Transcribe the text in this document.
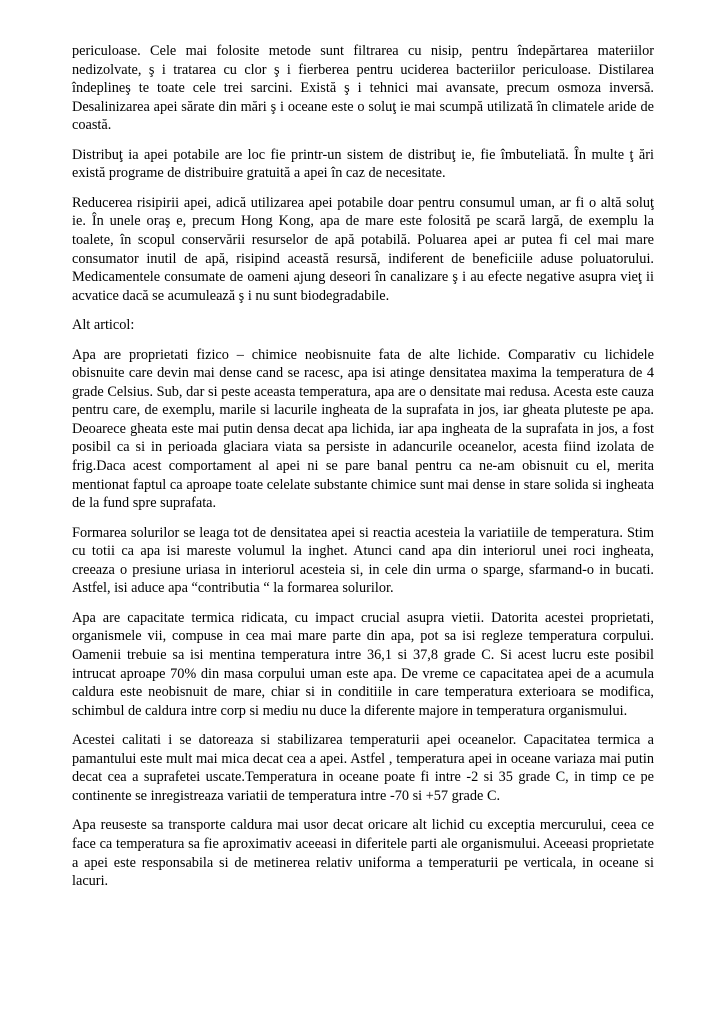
periculoase. Cele mai folosite metode sunt filtrarea cu nisip, pentru îndepărtarea materiilor nedizolvate, ş i tratarea cu clor ş i fierberea pentru uciderea bacteriilor periculoase. Distilarea îndeplineş te toate cele trei sarcini. Există ş i tehnici mai avansate, precum osmoza inversă. Desalinizarea apei sărate din mări ş i oceane este o soluţ ie mai scumpă utilizată în climatele aride de coastă.

Distribuţ ia apei potabile are loc fie printr-un sistem de distribuţ ie, fie îmbuteliată. În multe ţ ări există programe de distribuire gratuită a apei în caz de necesitate.

Reducerea risipirii apei, adică utilizarea apei potabile doar pentru consumul uman, ar fi o altă soluţ ie. În unele oraş e, precum Hong Kong, apa de mare este folosită pe scară largă, de exemplu la toalete, în scopul conservării resurselor de apă potabilă. Poluarea apei ar putea fi cel mai mare consumator inutil de apă, risipind această resursă, indiferent de beneficiile aduse poluatorului. Medicamentele consumate de oameni ajung deseori în canalizare ş i au efecte negative asupra vieţ ii acvatice dacă se acumulează ş i nu sunt biodegradabile.

Alt articol:

Apa are proprietati fizico – chimice neobisnuite fata de alte lichide. Comparativ cu lichidele obisnuite care devin mai dense cand se racesc, apa isi atinge densitatea maxima la temperatura de 4 grade Celsius. Sub, dar si peste aceasta temperatura, apa are o densitate mai redusa. Acesta este cauza pentru care, de exemplu, marile si lacurile ingheata de la suprafata in jos, iar gheata pluteste pe apa. Deoarece gheata este mai putin densa decat apa lichida, iar apa ingheata de la suprafata in jos, a fost posibil ca si in perioada glaciara viata sa persiste in adancurile oceanelor, acesta fiind izolata de frig.Daca acest comportament al apei ni se pare banal pentru ca ne-am obisnuit cu el, merita mentionat faptul ca aproape toate celelate substante chimice sunt mai dense in stare solida si ingheata de la fund spre suprafata.

Formarea solurilor se leaga tot de densitatea apei si reactia acesteia la variatiile de temperatura. Stim cu totii ca apa isi mareste volumul la inghet. Atunci cand apa din interiorul unei roci ingheata, creeaza o presiune uriasa in interiorul acesteia si, in cele din urma o sparge, sfarmand-o in bucati. Astfel, isi aduce apa “contributia “ la formarea solurilor.

Apa are capacitate termica ridicata, cu impact crucial asupra vietii. Datorita acestei proprietati, organismele vii, compuse in cea mai mare parte din apa, pot sa isi regleze temperatura corpului. Oamenii trebuie sa isi mentina temperatura intre 36,1 si 37,8 grade C. Si acest lucru este posibil intrucat aproape 70% din masa corpului uman este apa. De vreme ce capacitatea apei de a acumula caldura este neobisnuit de mare, chiar si in conditiile in care temperatura exterioara se modifica, schimbul de caldura intre corp si mediu nu duce la diferente majore in temperatura organismului.

Acestei calitati i se datoreaza si stabilizarea temperaturii apei oceanelor. Capacitatea termica a pamantului este mult mai mica decat cea a apei. Astfel , temperatura apei in oceane variaza mai putin decat cea a suprafetei uscate.Temperatura in oceane poate fi intre -2 si 35 grade C, in timp ce pe continente se inregistreaza variatii de temperatura intre -70 si +57 grade C.

Apa reuseste sa transporte caldura mai usor decat oricare alt lichid cu exceptia mercurului, ceea ce face ca temperatura sa fie aproximativ aceeasi in diferitele parti ale organismului. Aceeasi proprietate a apei este responsabila si de metinerea relativ uniforma a temperaturii pe verticala, in oceane si lacuri.
